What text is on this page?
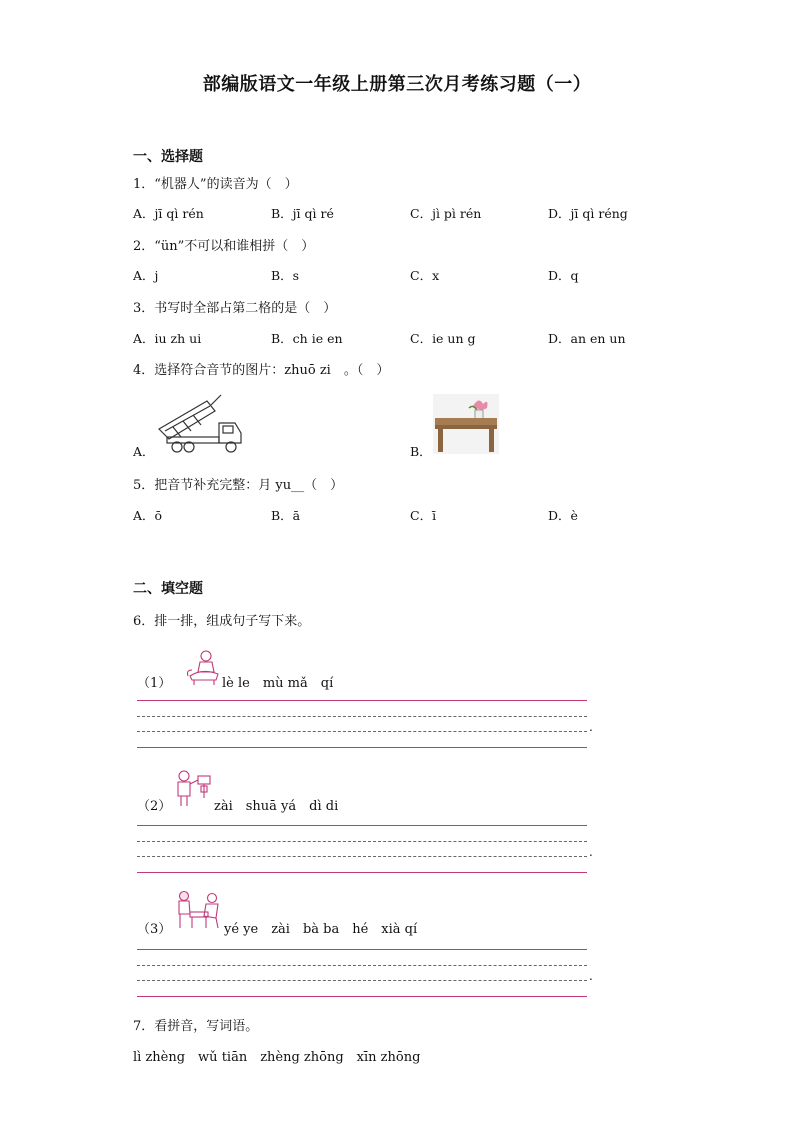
部编版语文一年级上册第三次月考练习题（一）
一、选择题
1．“机器人”的读音为（　）
A．jī qì rén	B．jī qì ré	C．jì pì rén	D．jī qì réng
2．“ün”不可以和谁相拼（　）
A．j	B．s	C．x	D．q
3．书写时全部占第二格的是（　）
A．iu zh ui	B．ch ie en	C．ie un g	D．an en un
4．选择符合音节的图片：zhuō zi　。（　）
A．	B．
5．把音节补充完整：月 yu__（　）
A．ō	B．ā	C．ī	D．è
二、填空题
6．排一排，组成句子写下来。
（1）	lè le　mù mǎ　qí
.
（2）	zài　shuā yá　dì di
.
（3）	yé ye　zài　bà ba　hé　xià qí
.
7．看拼音，写词语。
lì zhèng　wǔ tiān　zhèng zhōng　xīn zhōng
